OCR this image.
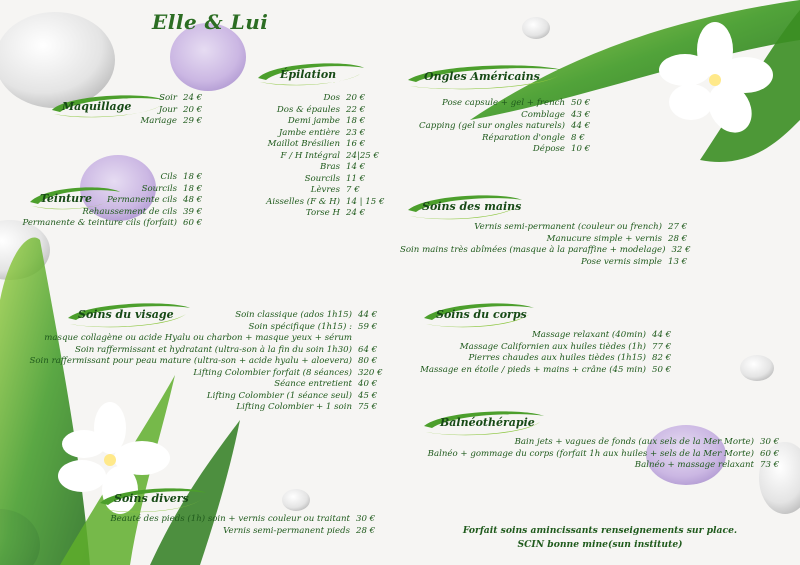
Elle & Lui
Maquillage
Soir 24 €
Jour 20 €
Mariage 29 €
Épilation
Dos 20 €
Dos & épaules 22 €
Demi jambe 18 €
Jambe entière 23 €
Maillot Brésilien 16 €
F / H Intégral 24|25 €
Bras 14 €
Sourcils 11 €
Lèvres 7 €
Aisselles (F & H) 14 | 15 €
Torse H 24 €
Ongles Américains
Pose capsule + gel + french 50 €
Comblage 43 €
Capping (gel sur ongles naturels) 44 €
Réparation d'ongle 8 €
Dépose 10 €
Teinture
Cils 18 €
Sourcils 18 €
Permanente cils 48 €
Rehaussement de cils 39 €
Permanente & teinture cils (forfait) 60 €
Soins des mains
Vernis semi-permanent (couleur ou french) 27 €
Manucure simple + vernis 28 €
Soin mains très abîmées (masque à la paraffine + modelage) 32 €
Pose vernis simple 13 €
Soins du visage	Soin classique (ados 1h15) 44 €
Soin spécifique (1h15) : 59 €
masque collagène ou acide Hyalu ou charbon + masque yeux + sérum
Soin raffermissant et hydratant (ultra-son à la fin du soin 1h30) 64 €
Soin raffermissant pour peau mature (ultra-son + acide hyalu + aloevera) 80 €
Lifting Colombier forfait (8 séances) 320 €
Séance entretient 40 €
Lifting Colombier (1 séance seul) 45 €
Lifting Colombier + 1 soin 75 €
Soins du corps
Massage relaxant (40min) 44 €
Massage Californien aux huiles tièdes (1h) 77 €
Pierres chaudes aux huiles tièdes (1h15) 82 €
Massage en étoile / pieds + mains + crâne (45 min) 50 €
Balnéothérapie
Bain jets + vagues de fonds (aux sels de la Mer Morte) 30 €
Balnéo + gommage du corps (forfait 1h aux huiles + sels de la Mer Morte) 60 €
Balnéo + massage relaxant 73 €
Soins divers
Beauté des pieds (1h) soin + vernis couleur ou traitant 30 €
Vernis semi-permanent pieds 28 €	Forfait soins amincissants renseignements sur place.
SCIN bonne mine(sun institute)
